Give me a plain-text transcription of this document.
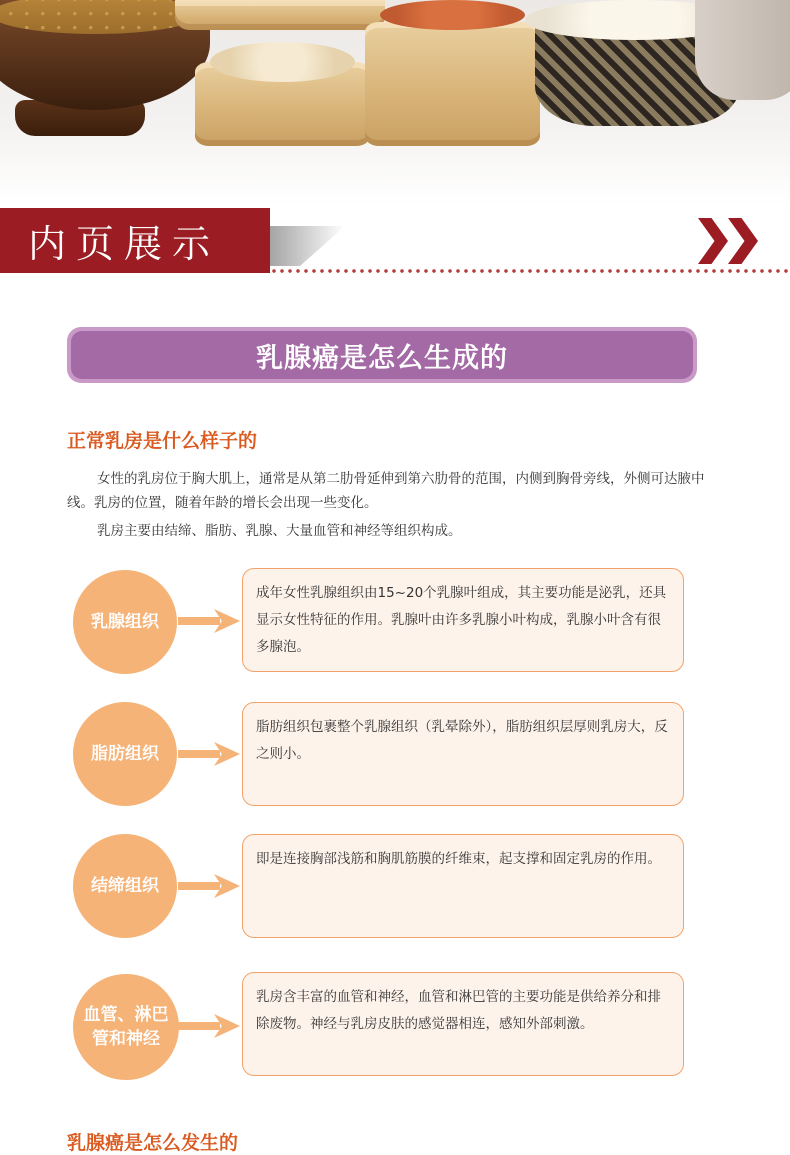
内页展示
乳腺癌是怎么生成的
正常乳房是什么样子的
女性的乳房位于胸大肌上，通常是从第二肋骨延伸到第六肋骨的范围，内侧到胸骨旁线，外侧可达腋中线。乳房的位置，随着年龄的增长会出现一些变化。
乳房主要由结缔、脂肪、乳腺、大量血管和神经等组织构成。
乳腺组织
成年女性乳腺组织由15~20个乳腺叶组成，其主要功能是泌乳，还具显示女性特征的作用。乳腺叶由许多乳腺小叶构成，乳腺小叶含有很多腺泡。
脂肪组织
脂肪组织包裹整个乳腺组织（乳晕除外），脂肪组织层厚则乳房大，反之则小。
结缔组织
即是连接胸部浅筋和胸肌筋膜的纤维束，起支撑和固定乳房的作用。
血管、淋巴管和神经
乳房含丰富的血管和神经，血管和淋巴管的主要功能是供给养分和排除废物。神经与乳房皮肤的感觉器相连，感知外部刺激。
乳腺癌是怎么发生的
